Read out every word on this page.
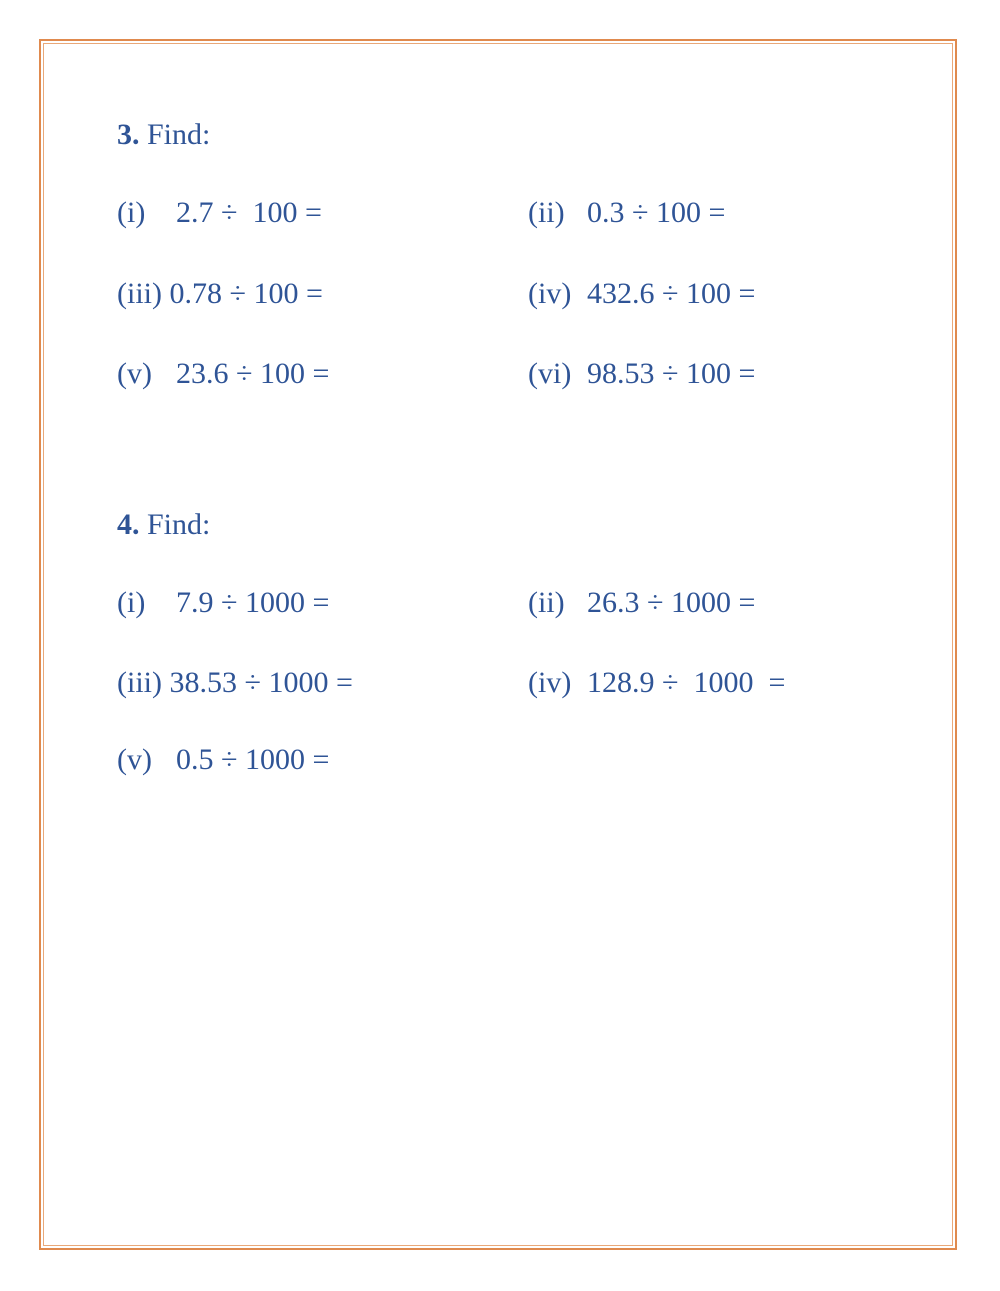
3. Find:
(i) 2.7 ÷  100 =	(ii) 0.3 ÷ 100 =
(iii) 0.78 ÷ 100 =	(iv) 432.6 ÷ 100 =
(v) 23.6 ÷ 100 =	(vi) 98.53 ÷ 100 =
4. Find:
(i) 7.9 ÷ 1000 =	(ii) 26.3 ÷ 1000 =
(iii) 38.53 ÷ 1000 =	(iv) 128.9 ÷  1000  =
(v) 0.5 ÷ 1000 =
